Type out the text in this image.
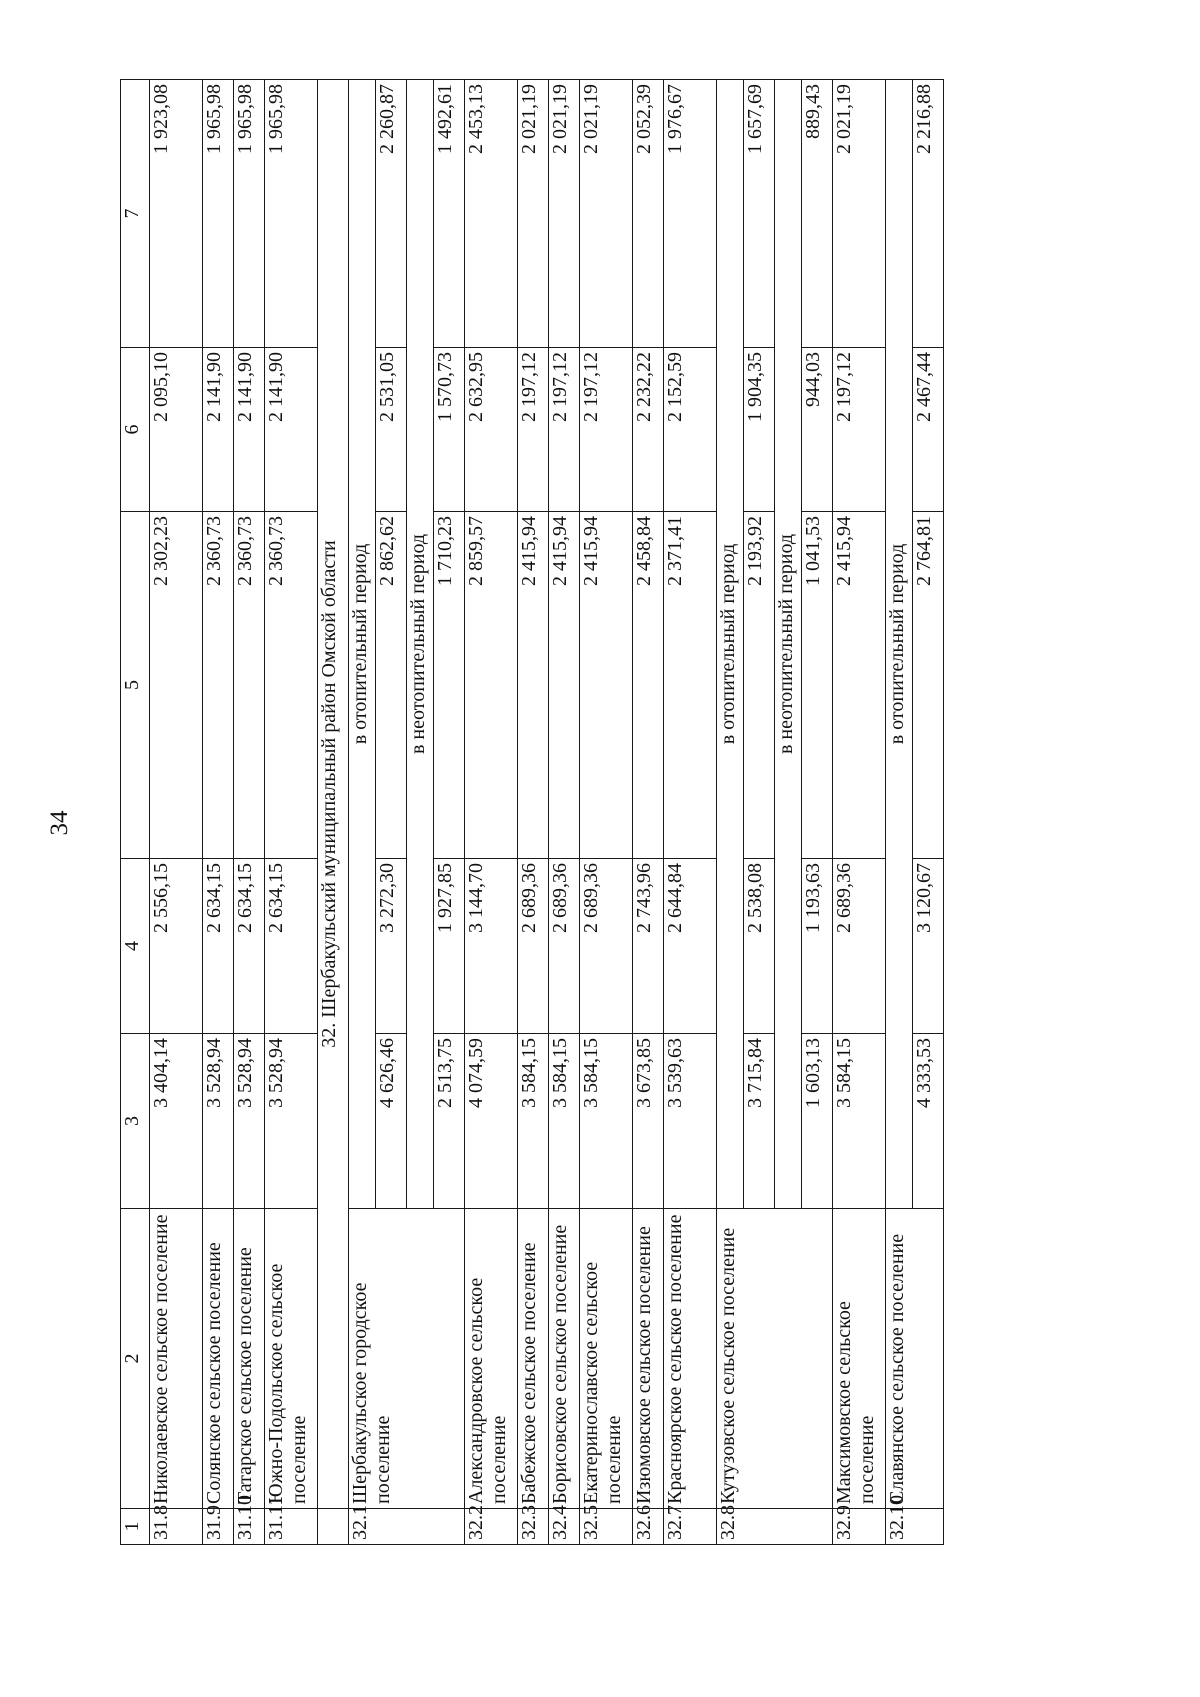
34
1	2	3	4	5	6	7
31.8	Николаевское сельское поселение	3 404,14	2 556,15	2 302,23	2 095,10	1 923,08
31.9	Солянское сельское поселение	3 528,94	2 634,15	2 360,73	2 141,90	1 965,98
31.10	Татарское сельское поселение	3 528,94	2 634,15	2 360,73	2 141,90	1 965,98
31.11	Южно-Подольское сельское поселение	3 528,94	2 634,15	2 360,73	2 141,90	1 965,98
	32. Шербакульский муниципальный район Омской области					
32.1	Шербакульское городское поселение	в отопительный период				
		4 626,46	3 272,30	2 862,62	2 531,05	2 260,87
		в неотопительный период				
		2 513,75	1 927,85	1 710,23	1 570,73	1 492,61
32.2	Александровское сельское поселение	4 074,59	3 144,70	2 859,57	2 632,95	2 453,13
32.3	Бабежское сельское поселение	3 584,15	2 689,36	2 415,94	2 197,12	2 021,19
32.4	Борисовское сельское поселение	3 584,15	2 689,36	2 415,94	2 197,12	2 021,19
32.5	Екатеринославское сельское поселение	3 584,15	2 689,36	2 415,94	2 197,12	2 021,19
32.6	Изюмовское сельское поселение	3 673,85	2 743,96	2 458,84	2 232,22	2 052,39
32.7	Красноярское сельское поселение	3 539,63	2 644,84	2 371,41	2 152,59	1 976,67
32.8	Кутузовское сельское поселение	в отопительный период				
		3 715,84	2 538,08	2 193,92	1 904,35	1 657,69
		в неотопительный период				
		1 603,13	1 193,63	1 041,53	944,03	889,43
32.9	Максимовское сельское поселение	3 584,15	2 689,36	2 415,94	2 197,12	2 021,19
32.10	Славянское сельское поселение	в отопительный период				
		4 333,53	3 120,67	2 764,81	2 467,44	2 216,88
